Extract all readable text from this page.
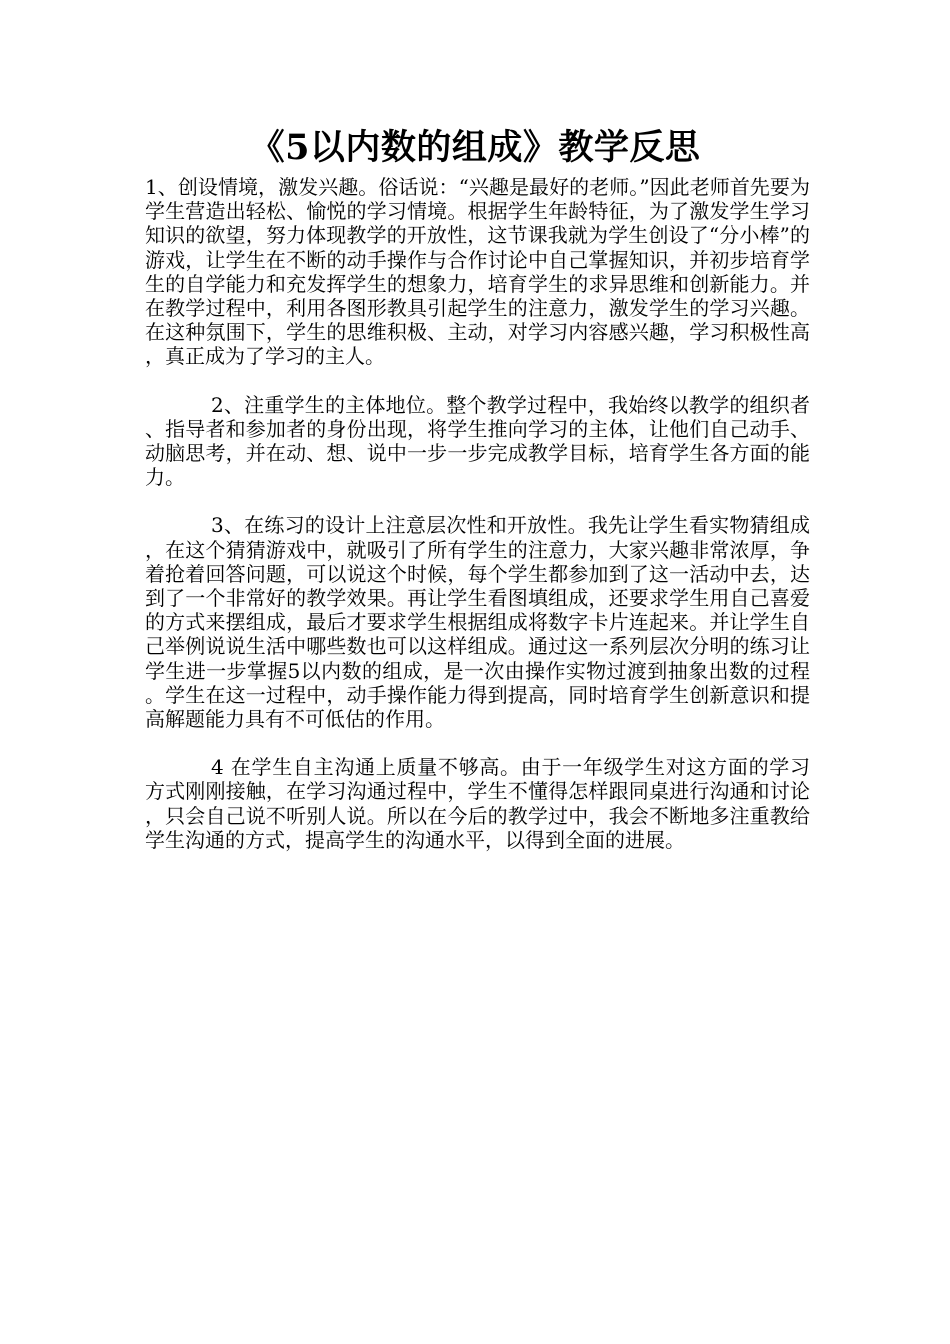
《5以内数的组成》教学反思

1、创设情境，激发兴趣。俗话说：“兴趣是最好的老师。”因此老师首先要为学生营造出轻松、愉悦的学习情境。根据学生年龄特征，为了激发学生学习知识的欲望，努力体现教学的开放性，这节课我就为学生创设了“分小棒”的游戏，让学生在不断的动手操作与合作讨论中自己掌握知识，并初步培育学生的自学能力和充发挥学生的想象力，培育学生的求异思维和创新能力。并在教学过程中，利用各图形教具引起学生的注意力，激发学生的学习兴趣。在这种氛围下，学生的思维积极、主动，对学习内容感兴趣，学习积极性高，真正成为了学习的主人。

2、注重学生的主体地位。整个教学过程中，我始终以教学的组织者、指导者和参加者的身份出现，将学生推向学习的主体，让他们自己动手、动脑思考，并在动、想、说中一步一步完成教学目标，培育学生各方面的能力。

3、在练习的设计上注意层次性和开放性。我先让学生看实物猜组成，在这个猜猜游戏中，就吸引了所有学生的注意力，大家兴趣非常浓厚，争着抢着回答问题，可以说这个时候，每个学生都参加到了这一活动中去，达到了一个非常好的教学效果。再让学生看图填组成，还要求学生用自己喜爱的方式来摆组成，最后才要求学生根据组成将数字卡片连起来。并让学生自己举例说说生活中哪些数也可以这样组成。通过这一系列层次分明的练习让学生进一步掌握5以内数的组成，是一次由操作实物过渡到抽象出数的过程。学生在这一过程中，动手操作能力得到提高，同时培育学生创新意识和提高解题能力具有不可低估的作用。

4 在学生自主沟通上质量不够高。由于一年级学生对这方面的学习方式刚刚接触，在学习沟通过程中，学生不懂得怎样跟同桌进行沟通和讨论，只会自己说不听别人说。所以在今后的教学过中，我会不断地多注重教给学生沟通的方式，提高学生的沟通水平，以得到全面的进展。
